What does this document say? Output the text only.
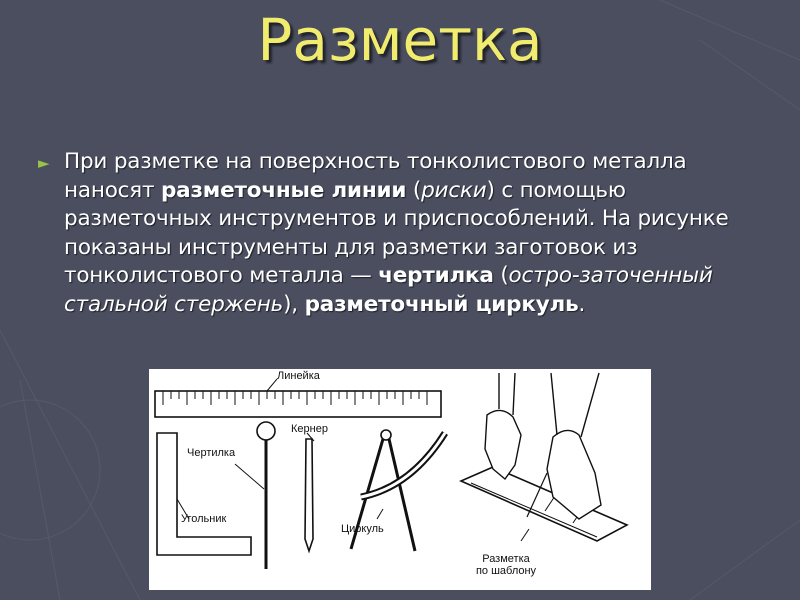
Разметка
► При разметке на поверхность тонколистового металла наносят разметочные линии (риски) с помощью разметочных инструментов и приспособлений. На рисунке показаны инструменты для разметки заготовок из тонколистового металла — чертилка (остро-заточенный стальной стержень), разметочный циркуль.
Линейка
Чертилка
Кернер
Угольник
Циркуль
Разметка
по шаблону
